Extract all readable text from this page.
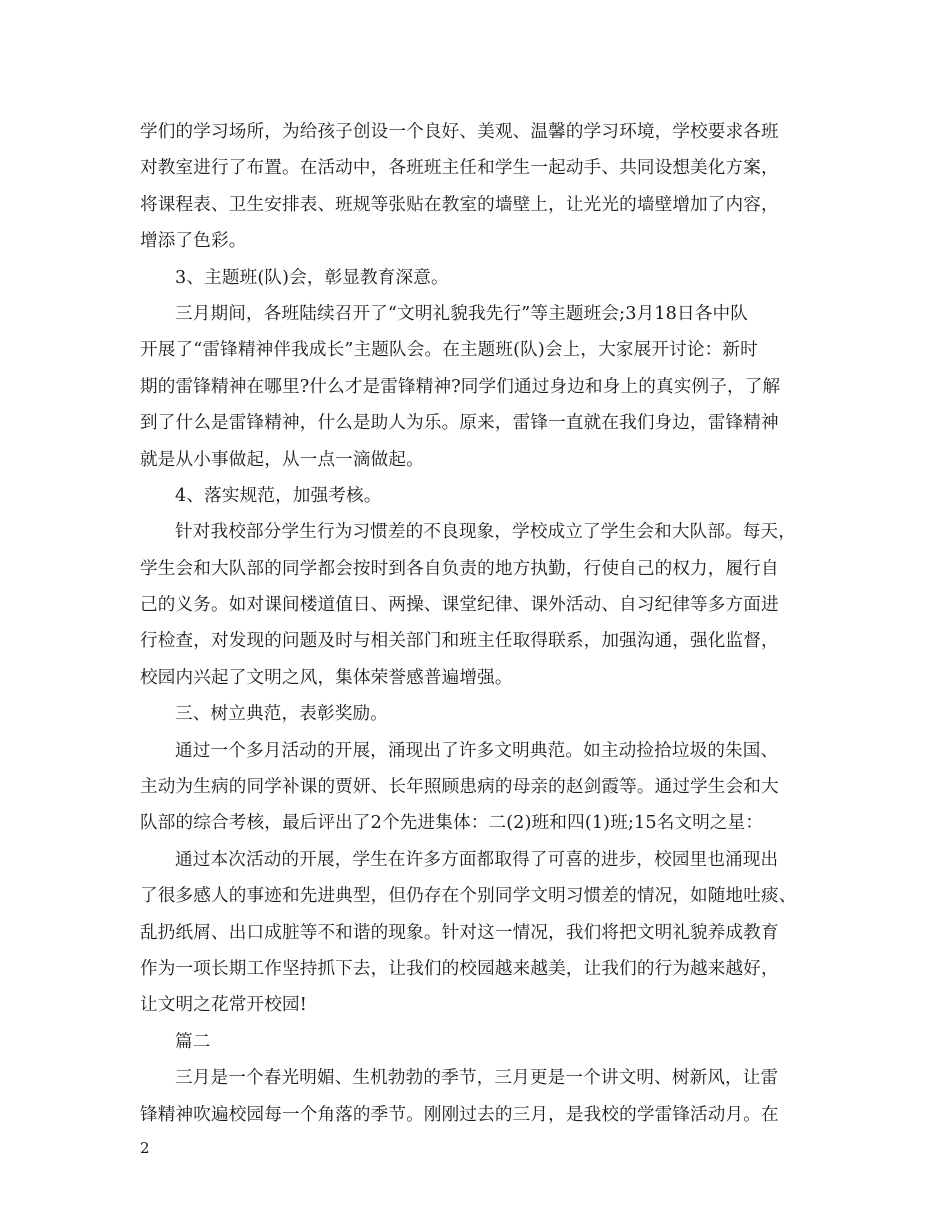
学们的学习场所，为给孩子创设一个良好、美观、温馨的学习环境，学校要求各班
对教室进行了布置。在活动中，各班班主任和学生一起动手、共同设想美化方案，
将课程表、卫生安排表、班规等张贴在教室的墙壁上，让光光的墙壁增加了内容，
增添了色彩。
3、主题班(队)会，彰显教育深意。
三月期间，各班陆续召开了“文明礼貌我先行”等主题班会;3月18日各中队
开展了“雷锋精神伴我成长”主题队会。在主题班(队)会上，大家展开讨论：新时
期的雷锋精神在哪里?什么才是雷锋精神?同学们通过身边和身上的真实例子，了解
到了什么是雷锋精神，什么是助人为乐。原来，雷锋一直就在我们身边，雷锋精神
就是从小事做起，从一点一滴做起。
4、落实规范，加强考核。
针对我校部分学生行为习惯差的不良现象，学校成立了学生会和大队部。每天，
学生会和大队部的同学都会按时到各自负责的地方执勤，行使自己的权力，履行自
己的义务。如对课间楼道值日、两操、课堂纪律、课外活动、自习纪律等多方面进
行检查，对发现的问题及时与相关部门和班主任取得联系，加强沟通，强化监督，
校园内兴起了文明之风，集体荣誉感普遍增强。
三、树立典范，表彰奖励。
通过一个多月活动的开展，涌现出了许多文明典范。如主动捡拾垃圾的朱国、
主动为生病的同学补课的贾妍、长年照顾患病的母亲的赵剑霞等。通过学生会和大
队部的综合考核，最后评出了2个先进集体：二(2)班和四(1)班;15名文明之星：
通过本次活动的开展，学生在许多方面都取得了可喜的进步，校园里也涌现出
了很多感人的事迹和先进典型，但仍存在个别同学文明习惯差的情况，如随地吐痰、
乱扔纸屑、出口成脏等不和谐的现象。针对这一情况，我们将把文明礼貌养成教育
作为一项长期工作坚持抓下去，让我们的校园越来越美，让我们的行为越来越好，
让文明之花常开校园!
篇二
三月是一个春光明媚、生机勃勃的季节，三月更是一个讲文明、树新风，让雷
锋精神吹遍校园每一个角落的季节。刚刚过去的三月，是我校的学雷锋活动月。在
2
